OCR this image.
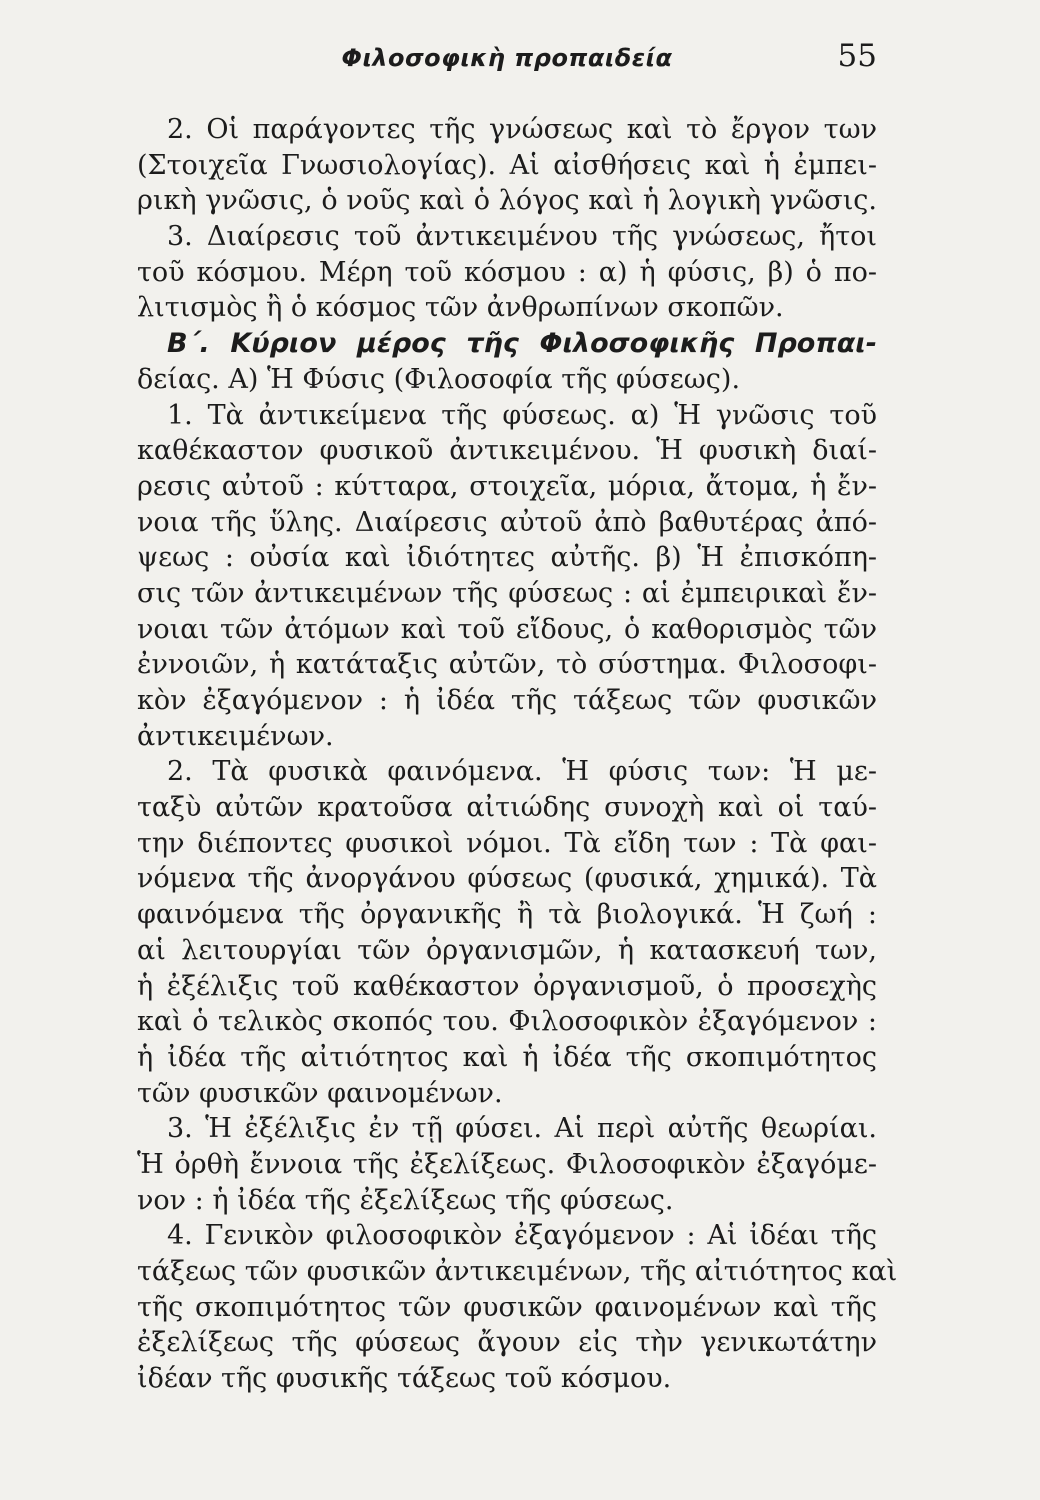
Φιλοσοφικὴ προπαιδεία	55
2. Οἱ παράγοντες τῆς γνώσεως καὶ τὸ ἔργον των
(Στοιχεῖα Γνωσιολογίας). Αἱ αἰσθήσεις καὶ ἡ ἐμπει-
ρικὴ γνῶσις, ὁ νοῦς καὶ ὁ λόγος καὶ ἡ λογικὴ γνῶσις.
3. Διαίρεσις τοῦ ἀντικειμένου τῆς γνώσεως, ἤτοι
τοῦ κόσμου. Μέρη τοῦ κόσμου : α) ἡ φύσις, β) ὁ πο-
λιτισμὸς ἢ ὁ κόσμος τῶν ἀνθρωπίνων σκοπῶν.
Β΄. Κύριον μέρος τῆς Φιλοσοφικῆς Προπαι-
δείας. Α) Ἡ Φύσις (Φιλοσοφία τῆς φύσεως).
1. Τὰ ἀντικείμενα τῆς φύσεως. α) Ἡ γνῶσις τοῦ
καθέκαστον φυσικοῦ ἀντικειμένου. Ἡ φυσικὴ διαί-
ρεσις αὐτοῦ : κύτταρα, στοιχεῖα, μόρια, ἄτομα, ἡ ἔν-
νοια τῆς ὕλης. Διαίρεσις αὐτοῦ ἀπὸ βαθυτέρας ἀπό-
ψεως : οὐσία καὶ ἰδιότητες αὐτῆς. β) Ἡ ἐπισκόπη-
σις τῶν ἀντικειμένων τῆς φύσεως : αἱ ἐμπειρικαὶ ἔν-
νοιαι τῶν ἀτόμων καὶ τοῦ εἴδους, ὁ καθορισμὸς τῶν
ἐννοιῶν, ἡ κατάταξις αὐτῶν, τὸ σύστημα. Φιλοσοφι-
κὸν ἐξαγόμενον : ἡ ἰδέα τῆς τάξεως τῶν φυσικῶν
ἀντικειμένων.
2. Τὰ φυσικὰ φαινόμενα. Ἡ φύσις των: Ἡ με-
ταξὺ αὐτῶν κρατοῦσα αἰτιώδης συνοχὴ καὶ οἱ ταύ-
την διέποντες φυσικοὶ νόμοι. Τὰ εἴδη των : Τὰ φαι-
νόμενα τῆς ἀνοργάνου φύσεως (φυσικά, χημικά). Τὰ
φαινόμενα τῆς ὀργανικῆς ἢ τὰ βιολογικά. Ἡ ζωή :
αἱ λειτουργίαι τῶν ὀργανισμῶν, ἡ κατασκευή των,
ἡ ἐξέλιξις τοῦ καθέκαστον ὀργανισμοῦ, ὁ προσεχὴς
καὶ ὁ τελικὸς σκοπός του. Φιλοσοφικὸν ἐξαγόμενον :
ἡ ἰδέα τῆς αἰτιότητος καὶ ἡ ἰδέα τῆς σκοπιμότητος
τῶν φυσικῶν φαινομένων.
3. Ἡ ἐξέλιξις ἐν τῇ φύσει. Αἱ περὶ αὐτῆς θεωρίαι.
Ἡ ὀρθὴ ἔννοια τῆς ἐξελίξεως. Φιλοσοφικὸν ἐξαγόμε-
νον : ἡ ἰδέα τῆς ἐξελίξεως τῆς φύσεως.
4. Γενικὸν φιλοσοφικὸν ἐξαγόμενον : Αἱ ἰδέαι τῆς
τάξεως τῶν φυσικῶν ἀντικειμένων, τῆς αἰτιότητος καὶ
τῆς σκοπιμότητος τῶν φυσικῶν φαινομένων καὶ τῆς
ἐξελίξεως τῆς φύσεως ἄγουν εἰς τὴν γενικωτάτην
ἰδέαν τῆς φυσικῆς τάξεως τοῦ κόσμου.
